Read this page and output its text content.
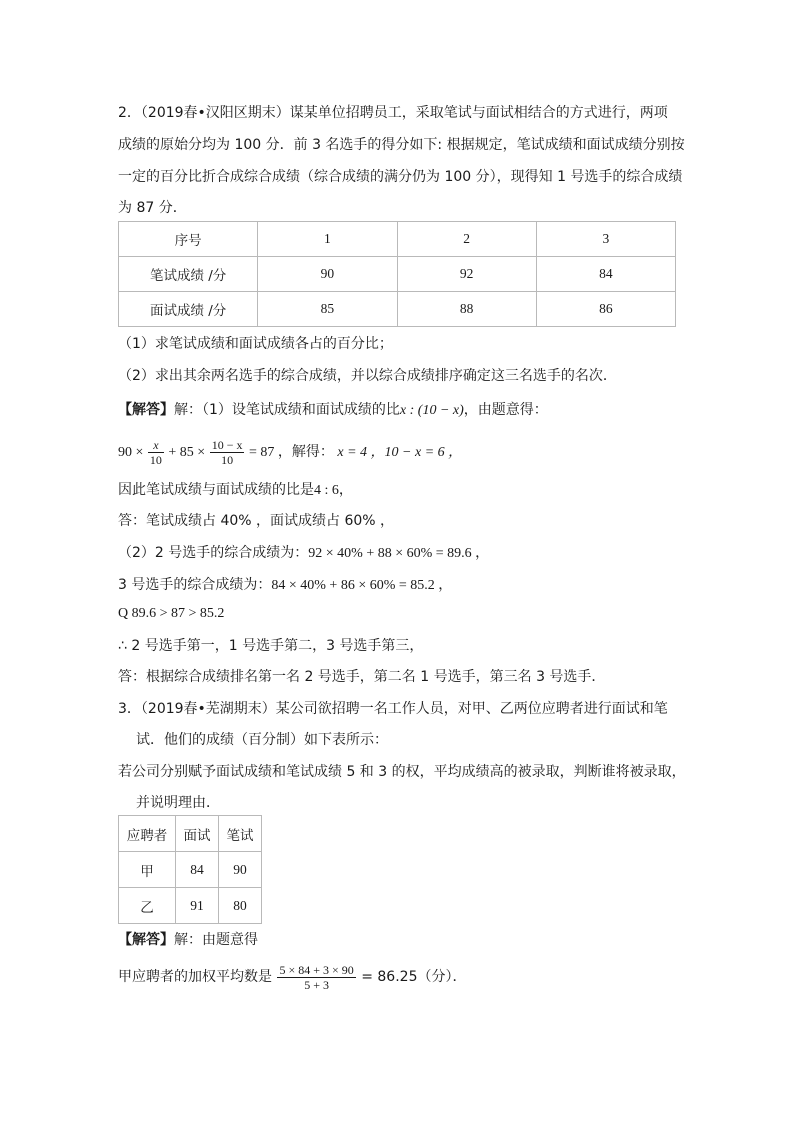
2．（2019春•汉阳区期末）谋某单位招聘员工，采取笔试与面试相结合的方式进行，两项
成绩的原始分均为 100 分．前 3 名选手的得分如下: 根据规定，笔试成绩和面试成绩分别按
一定的百分比折合成综合成绩（综合成绩的满分仍为 100 分），现得知 1 号选手的综合成绩
为 87 分．
序号	1	2	3
笔试成绩 /分	90	92	84
面试成绩 /分	85	88	86
（1）求笔试成绩和面试成绩各占的百分比；
（2）求出其余两名选手的综合成绩，并以综合成绩排序确定这三名选手的名次．
【解答】解：（1）设笔试成绩和面试成绩的比x : (10 − x)，由题意得：
$90 \times \frac{x}{10} + 85 \times \frac{10 - x}{10} = 87$ ，解得： x = 4 ，10 − x = 6 ，
因此笔试成绩与面试成绩的比是4 : 6，
答：笔试成绩占 40% ，面试成绩占 60% ，
（2）2 号选手的综合成绩为：92 × 40% + 88 × 60% = 89.6 ，
3 号选手的综合成绩为：84 × 40% + 86 × 60% = 85.2 ，
Q 89.6 > 87 > 85.2
∴ 2 号选手第一，1 号选手第二，3 号选手第三，
答：根据综合成绩排名第一名 2 号选手，第二名 1 号选手，第三名 3 号选手．
3．（2019春•芜湖期末）某公司欲招聘一名工作人员，对甲、乙两位应聘者进行面试和笔
试．他们的成绩（百分制）如下表所示：
若公司分别赋予面试成绩和笔试成绩 5 和 3 的权，平均成绩高的被录取，判断谁将被录取，
并说明理由．
应聘者	面试	笔试
甲	84	90
乙	91	80
【解答】解：由题意得
甲应聘者的加权平均数是 $\frac{5 \times 84 + 3 \times 90}{5 + 3} = 86.25$（分）．
